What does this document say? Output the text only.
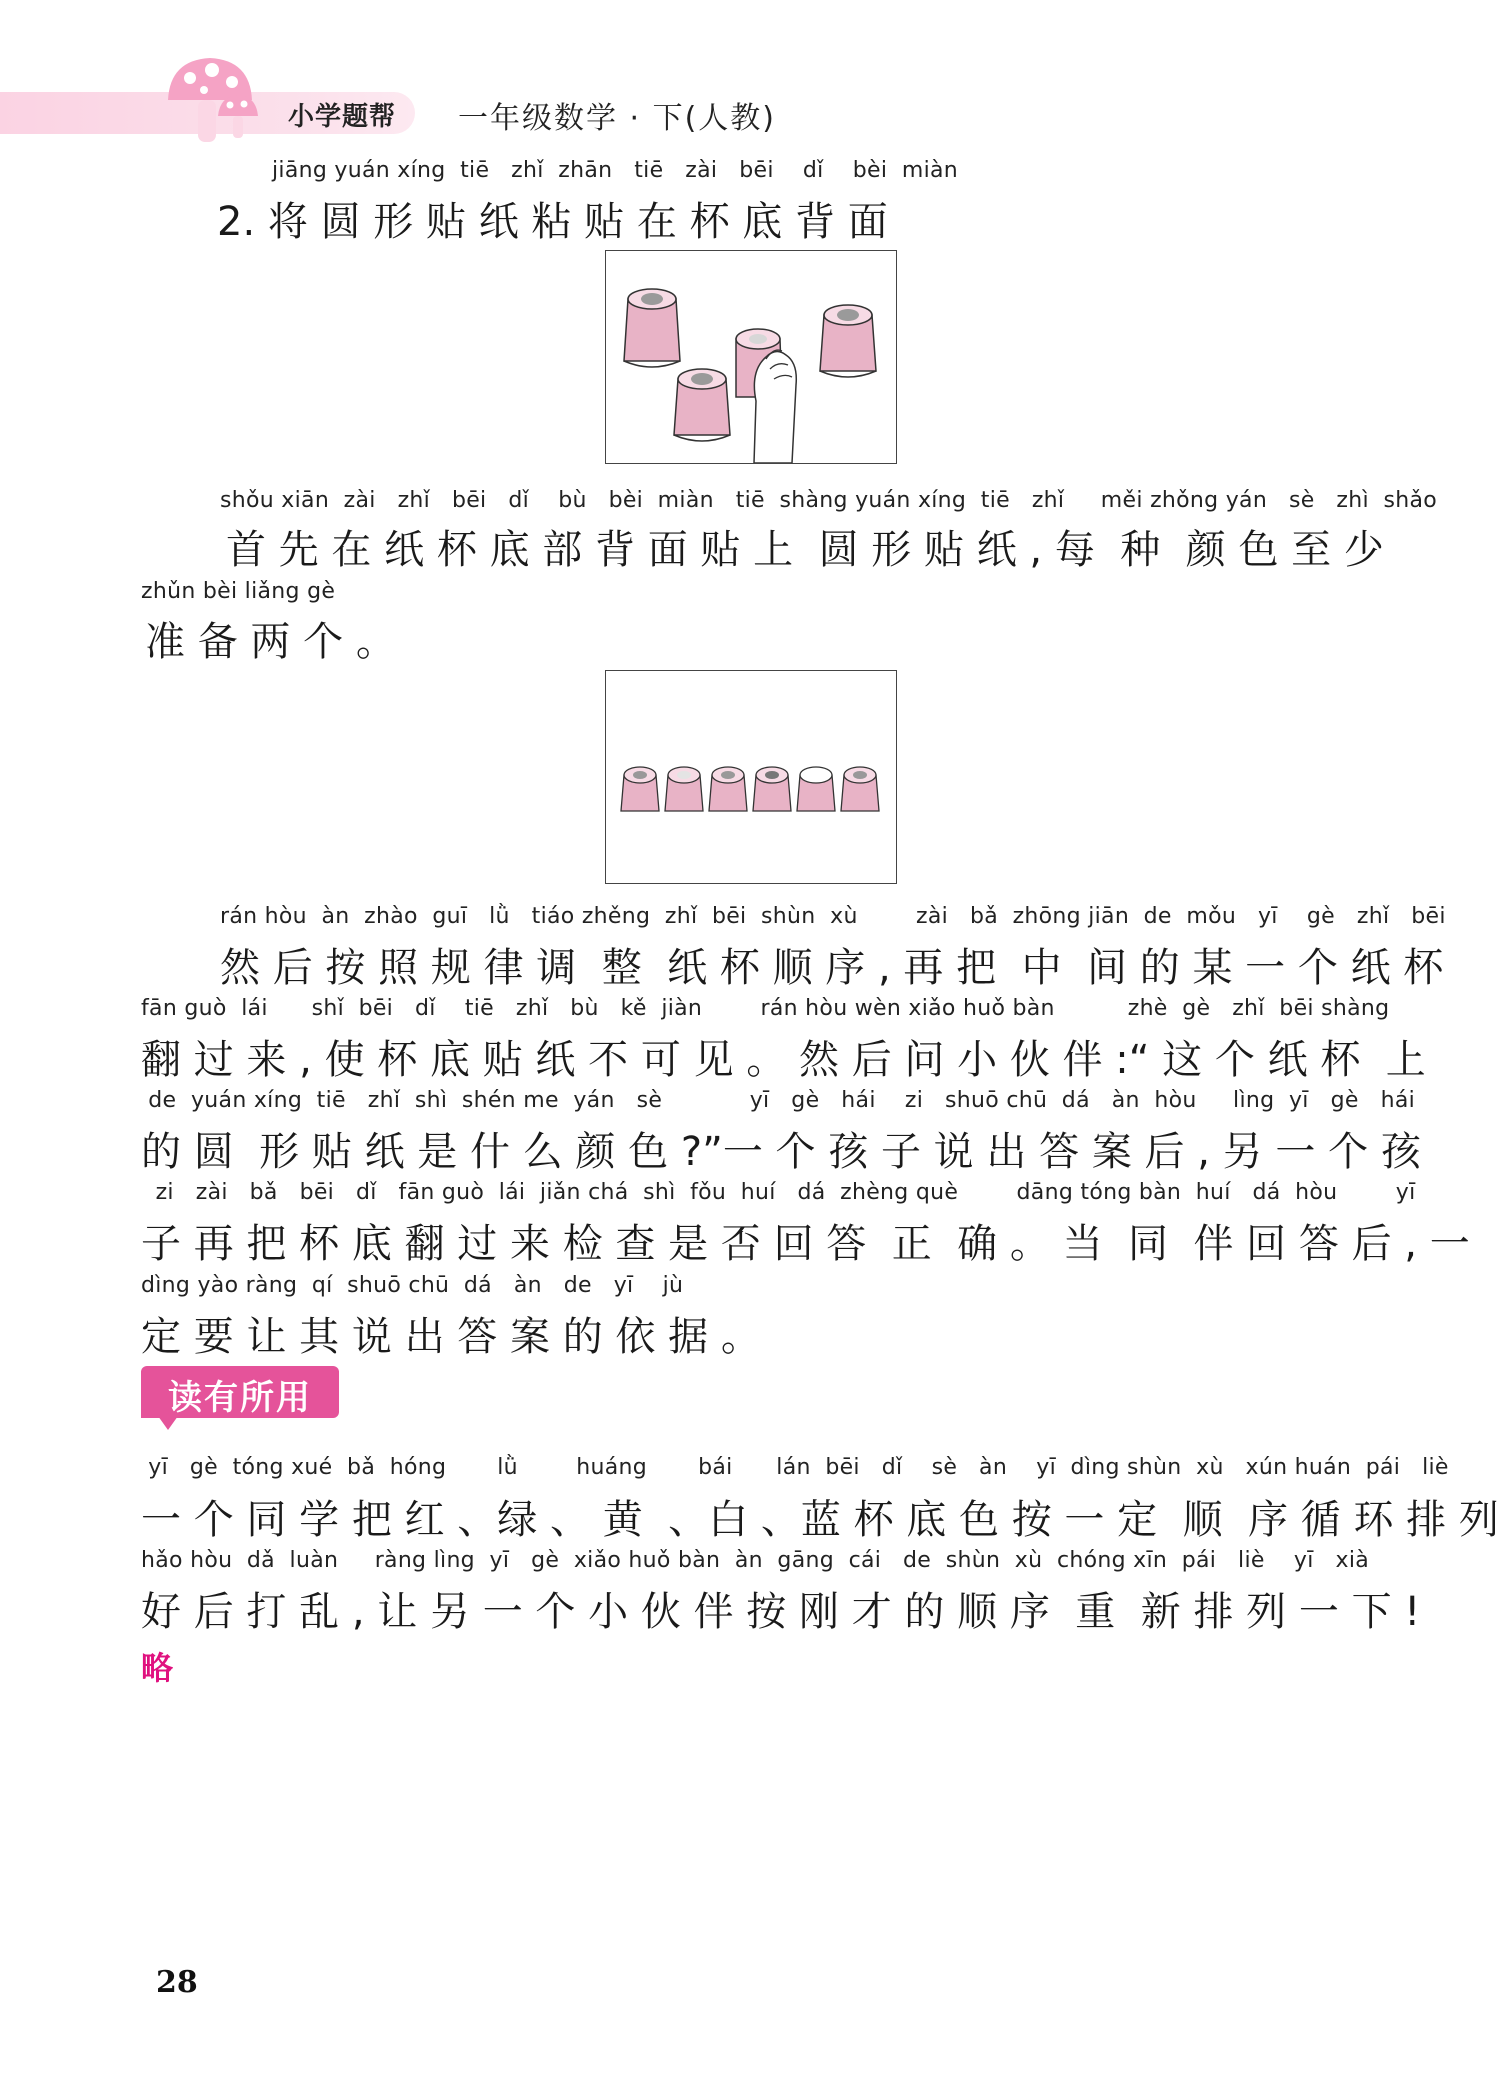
小学题帮 一年级数学 · 下(人教)
jiāng yuán xíng  tiē   zhǐ  zhān   tiē   zài   bēi    dǐ    bèi  miàn
2. 将 圆 形 贴 纸 粘 贴 在 杯 底 背 面
shǒu xiān  zài   zhǐ   bēi   dǐ    bù   bèi  miàn   tiē  shàng yuán xíng  tiē   zhǐ     měi zhǒng yán   sè   zhì  shǎo
首 先 在 纸 杯 底 部 背 面 贴 上  圆 形 贴 纸 , 每  种  颜 色 至 少
zhǔn bèi liǎng gè
准 备 两 个 。
rán hòu  àn  zhào  guī   lǜ   tiáo zhěng  zhǐ  bēi  shùn  xù        zài   bǎ  zhōng jiān  de  mǒu   yī    gè   zhǐ   bēi
然 后 按 照 规 律 调  整  纸 杯 顺 序 , 再 把  中  间 的 某 一 个 纸 杯
fān guò  lái      shǐ  bēi   dǐ    tiē   zhǐ   bù   kě  jiàn        rán hòu wèn xiǎo huǒ bàn          zhè  gè   zhǐ  bēi shàng
翻 过 来 , 使 杯 底 贴 纸 不 可 见 。 然 后 问 小 伙 伴 :“ 这 个 纸 杯  上
de  yuán xíng  tiē   zhǐ  shì  shén me  yán   sè            yī   gè   hái    zi   shuō chū  dá   àn  hòu     lìng  yī   gè   hái
的 圆  形 贴 纸 是 什 么 颜 色 ?”一 个 孩 子 说 出 答 案 后 , 另 一 个 孩
zi   zài   bǎ   bēi   dǐ   fān guò  lái  jiǎn chá  shì  fǒu  huí   dá  zhèng què        dāng tóng bàn  huí   dá  hòu        yī
子 再 把 杯 底 翻 过 来 检 查 是 否 回 答  正  确 。 当  同  伴 回 答 后 , 一
dìng yào ràng  qí  shuō chū  dá   àn   de   yī    jù
定 要 让 其 说 出 答 案 的 依 据 。
读有所用
yī   gè  tóng xué  bǎ  hóng       lǜ        huáng       bái      lán  bēi   dǐ    sè   àn    yī  dìng shùn  xù   xún huán  pái   liè
一 个 同 学 把 红 、绿 、 黄  、白 、蓝 杯 底 色 按 一 定  顺  序 循 环 排 列
hǎo hòu  dǎ  luàn     ràng lìng  yī   gè  xiǎo huǒ bàn  àn  gāng  cái   de  shùn  xù  chóng xīn  pái   liè    yī   xià
好 后 打 乱 , 让 另 一 个 小 伙 伴 按 刚 才 的 顺 序  重  新 排 列 一 下 !
略
28
